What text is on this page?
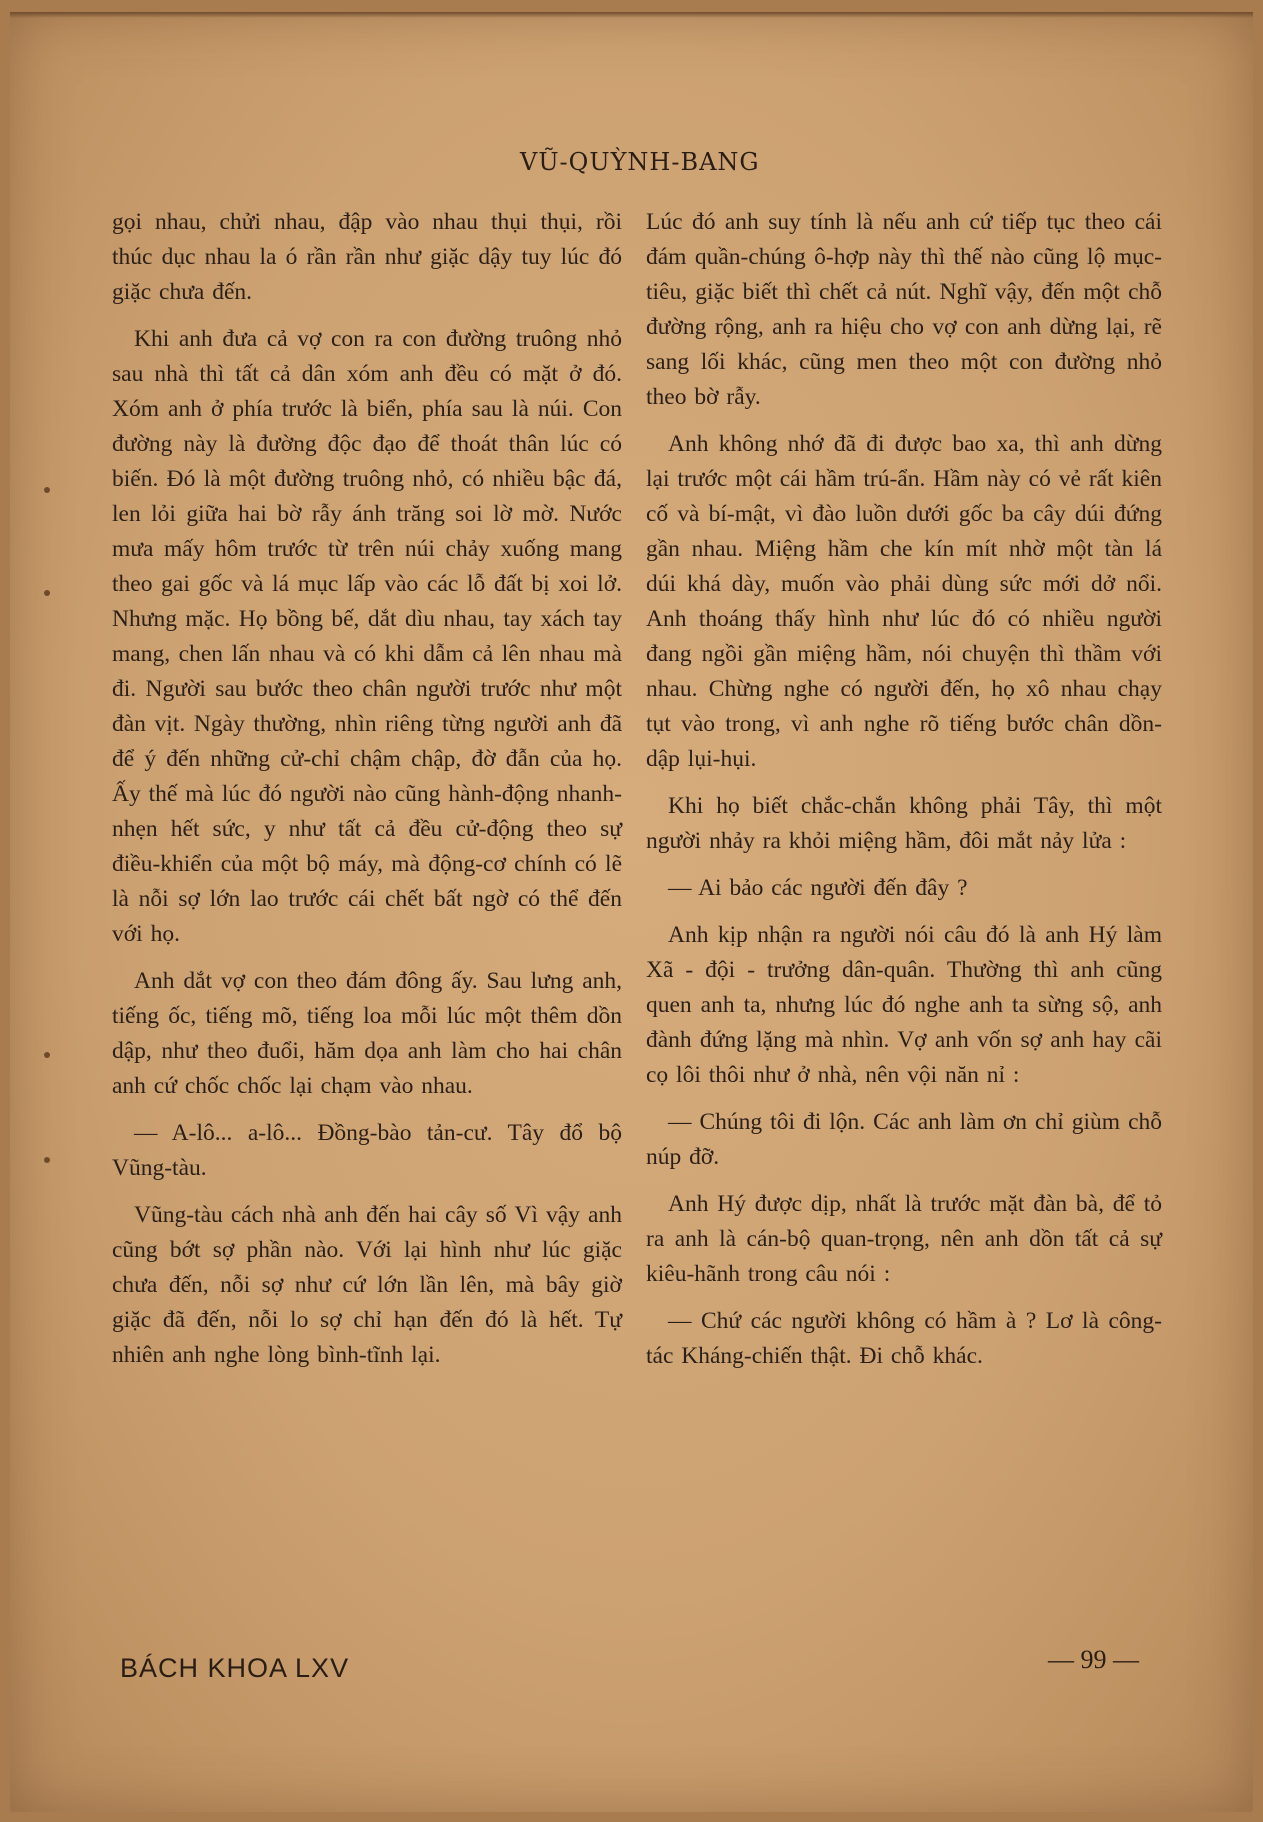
VŨ-QUỲNH-BANG

gọi nhau, chửi nhau, đập vào nhau thụi thụi, rồi thúc dục nhau la ó rần rần như giặc dậy tuy lúc đó giặc chưa đến.

Khi anh đưa cả vợ con ra con đường truông nhỏ sau nhà thì tất cả dân xóm anh đều có mặt ở đó. Xóm anh ở phía trước là biển, phía sau là núi. Con đường này là đường độc đạo để thoát thân lúc có biến. Đó là một đường truông nhỏ, có nhiều bậc đá, len lỏi giữa hai bờ rẫy ánh trăng soi lờ mờ. Nước mưa mấy hôm trước từ trên núi chảy xuống mang theo gai gốc và lá mục lấp vào các lỗ đất bị xoi lở. Nhưng mặc. Họ bồng bế, dắt dìu nhau, tay xách tay mang, chen lấn nhau và có khi dẫm cả lên nhau mà đi. Người sau bước theo chân người trước như một đàn vịt. Ngày thường, nhìn riêng từng người anh đã để ý đến những cử-chỉ chậm chập, đờ đẫn của họ. Ấy thế mà lúc đó người nào cũng hành-động nhanh-nhẹn hết sức, y như tất cả đều cử-động theo sự điều-khiển của một bộ máy, mà động-cơ chính có lẽ là nỗi sợ lớn lao trước cái chết bất ngờ có thể đến với họ.

Anh dắt vợ con theo đám đông ấy. Sau lưng anh, tiếng ốc, tiếng mõ, tiếng loa mỗi lúc một thêm dồn dập, như theo đuổi, hăm dọa anh làm cho hai chân anh cứ chốc chốc lại chạm vào nhau.

— A-lô... a-lô... Đồng-bào tản-cư. Tây đổ bộ Vũng-tàu.

Vũng-tàu cách nhà anh đến hai cây số Vì vậy anh cũng bớt sợ phần nào. Với lại hình như lúc giặc chưa đến, nỗi sợ như cứ lớn lần lên, mà bây giờ giặc đã đến, nỗi lo sợ chỉ hạn đến đó là hết. Tự nhiên anh nghe lòng bình-tĩnh lại.

Lúc đó anh suy tính là nếu anh cứ tiếp tục theo cái đám quần-chúng ô-hợp này thì thế nào cũng lộ mục-tiêu, giặc biết thì chết cả nút. Nghĩ vậy, đến một chỗ đường rộng, anh ra hiệu cho vợ con anh dừng lại, rẽ sang lối khác, cũng men theo một con đường nhỏ theo bờ rẫy.

Anh không nhớ đã đi được bao xa, thì anh dừng lại trước một cái hầm trú-ẩn. Hầm này có vẻ rất kiên cố và bí-mật, vì đào luồn dưới gốc ba cây dúi đứng gần nhau. Miệng hầm che kín mít nhờ một tàn lá dúi khá dày, muốn vào phải dùng sức mới dở nổi. Anh thoáng thấy hình như lúc đó có nhiều người đang ngồi gần miệng hầm, nói chuyện thì thầm với nhau. Chừng nghe có người đến, họ xô nhau chạy tụt vào trong, vì anh nghe rõ tiếng bước chân dồn-dập lụi-hụi.

Khi họ biết chắc-chắn không phải Tây, thì một người nhảy ra khỏi miệng hầm, đôi mắt nảy lửa :

— Ai bảo các người đến đây ?

Anh kịp nhận ra người nói câu đó là anh Hý làm Xã - đội - trưởng dân-quân. Thường thì anh cũng quen anh ta, nhưng lúc đó nghe anh ta sừng sộ, anh đành đứng lặng mà nhìn. Vợ anh vốn sợ anh hay cãi cọ lôi thôi như ở nhà, nên vội năn nỉ :

— Chúng tôi đi lộn. Các anh làm ơn chỉ giùm chỗ núp đỡ.

Anh Hý được dịp, nhất là trước mặt đàn bà, để tỏ ra anh là cán-bộ quan-trọng, nên anh dồn tất cả sự kiêu-hãnh trong câu nói :

— Chứ các người không có hầm à ? Lơ là công-tác Kháng-chiến thật. Đi chỗ khác.

BÁCH KHOA LXV	— 99 —
